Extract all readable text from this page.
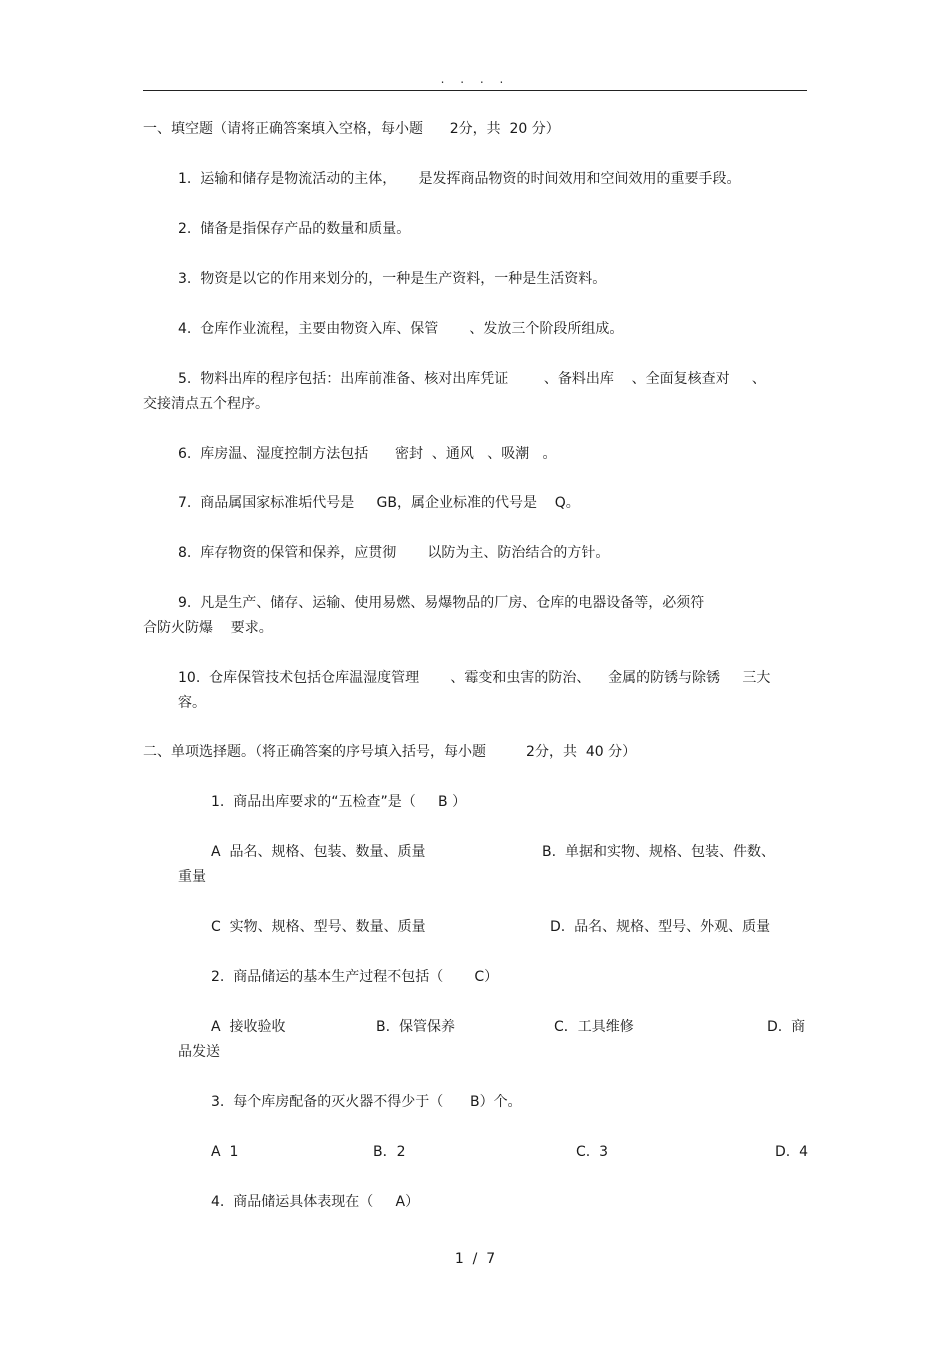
. . . .
一、填空题（请将正确答案填入空格，每小题      2分，共  20 分）
1.  运输和储存是物流活动的主体，     是发挥商品物资的时间效用和空间效用的重要手段。
2.  储备是指保存产品的数量和质量。
3.  物资是以它的作用来划分的，一种是生产资料，一种是生活资料。
4.  仓库作业流程，主要由物资入库、保管       、发放三个阶段所组成。
5.  物料出库的程序包括：出库前准备、核对出库凭证        、备料出库    、全面复核查对     、
交接清点五个程序。
6.  库房温、湿度控制方法包括      密封  、通风   、吸潮   。
7.  商品属国家标准垢代号是     GB，属企业标准的代号是    Q。
8.  库存物资的保管和保养，应贯彻       以防为主、防治结合的方针。
9.  凡是生产、储存、运输、使用易燃、易爆物品的厂房、仓库的电器设备等，必须符
合防火防爆    要求。
10.  仓库保管技术包括仓库温湿度管理       、霉变和虫害的防治、    金属的防锈与除锈     三大
容。
二、单项选择题。（将正确答案的序号填入括号，每小题         2分，共  40 分）
1.  商品出库要求的“五检查”是（     B ）
A  品名、规格、包装、数量、质量	B.  单据和实物、规格、包装、件数、
重量
C  实物、规格、型号、数量、质量	D.  品名、规格、型号、外观、质量
2.  商品储运的基本生产过程不包括（       C）
A  接收验收	B.  保管保养	C．工具维修	D.  商
品发送
3.  每个库房配备的灭火器不得少于（      B）个。
A  1	B．2	C.  3	D.  4
4.  商品储运具体表现在（     A）
1  /  7
